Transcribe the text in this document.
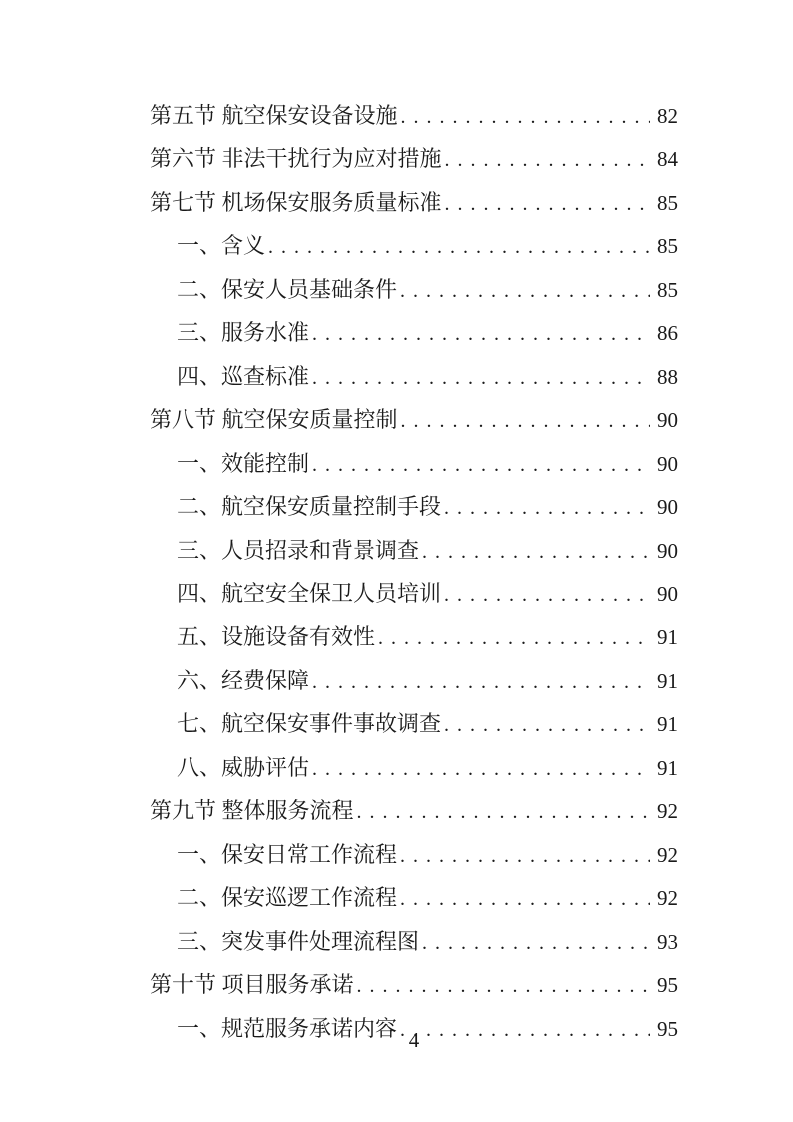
第五节 航空保安设备设施 .....	82
第六节 非法干扰行为应对措施 .....	84
第七节 机场保安服务质量标准 .....	85
一、含义 .....	85
二、保安人员基础条件 .....	85
三、服务水准 .....	86
四、巡查标准 .....	88
第八节 航空保安质量控制 .....	90
一、效能控制 .....	90
二、航空保安质量控制手段 .....	90
三、人员招录和背景调查 .....	90
四、航空安全保卫人员培训 .....	90
五、设施设备有效性 .....	91
六、经费保障 .....	91
七、航空保安事件事故调查 .....	91
八、威胁评估 .....	91
第九节 整体服务流程 .....	92
一、保安日常工作流程 .....	92
二、保安巡逻工作流程 .....	92
三、突发事件处理流程图 .....	93
第十节 项目服务承诺 .....	95
一、规范服务承诺内容 .....	95
4
